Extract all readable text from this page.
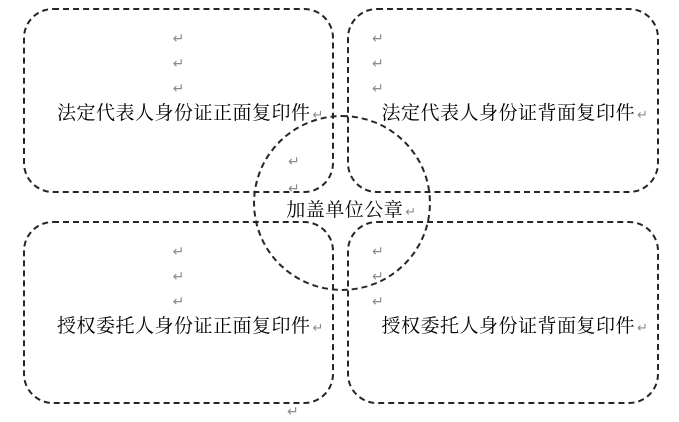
↵
↵
↵
法定代表人身份证正面复印件 ↵
↵
↵
↵
法定代表人身份证背面复印件 ↵
↵
↵
↵
授权委托人身份证正面复印件 ↵
↵
↵
↵
授权委托人身份证背面复印件 ↵
↵
↵
加盖单位公章 ↵
↵
